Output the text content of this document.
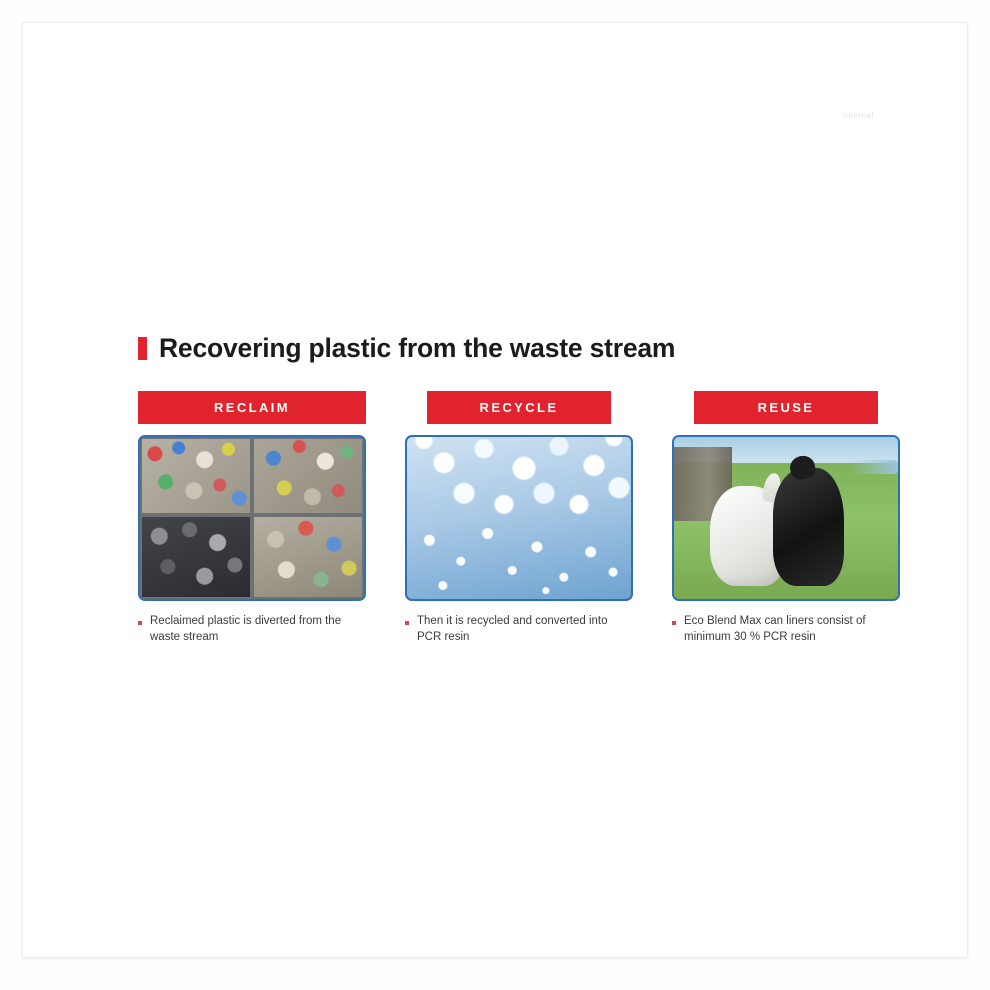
Internal
Recovering plastic from the waste stream
RECLAIM
Reclaimed plastic is diverted from the waste stream
RECYCLE
Then it is recycled and converted into PCR resin
REUSE
Eco Blend Max can liners consist of minimum 30 % PCR resin
